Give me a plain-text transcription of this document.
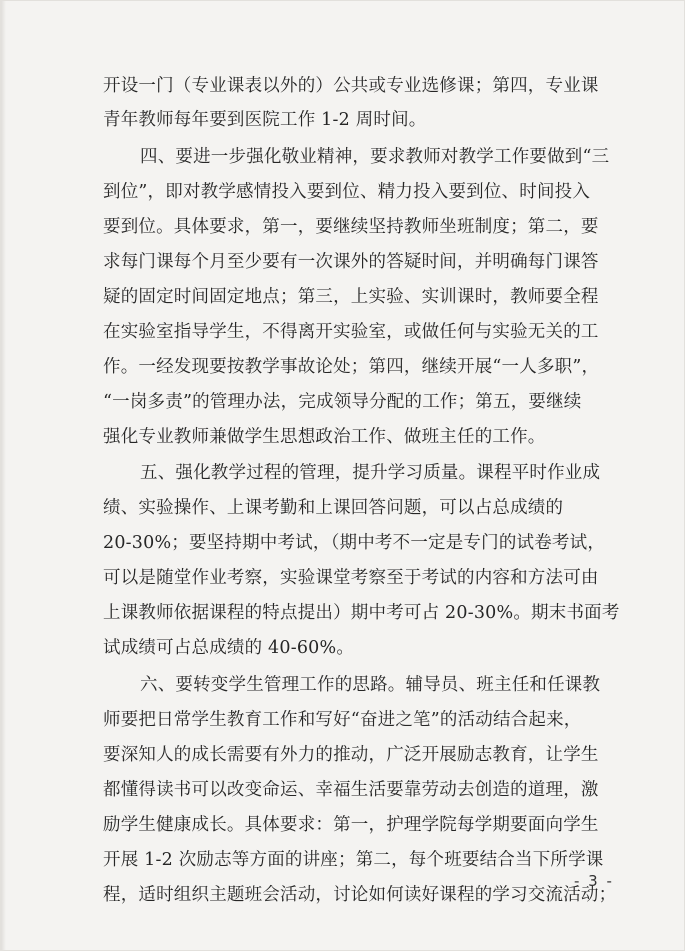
开设一门（专业课表以外的）公共或专业选修课；第四，专业课
青年教师每年要到医院工作 1-2 周时间。
四、要进一步强化敬业精神，要求教师对教学工作要做到“三
到位”，即对教学感情投入要到位、精力投入要到位、时间投入
要到位。具体要求，第一，要继续坚持教师坐班制度；第二，要
求每门课每个月至少要有一次课外的答疑时间，并明确每门课答
疑的固定时间固定地点；第三，上实验、实训课时，教师要全程
在实验室指导学生，不得离开实验室，或做任何与实验无关的工
作。一经发现要按教学事故论处；第四，继续开展“一人多职”，
“一岗多责”的管理办法，完成领导分配的工作；第五，要继续
强化专业教师兼做学生思想政治工作、做班主任的工作。
五、强化教学过程的管理，提升学习质量。课程平时作业成
绩、实验操作、上课考勤和上课回答问题，可以占总成绩的
20-30%；要坚持期中考试，（期中考不一定是专门的试卷考试，
可以是随堂作业考察，实验课堂考察至于考试的内容和方法可由
上课教师依据课程的特点提出）期中考可占 20-30%。期末书面考
试成绩可占总成绩的 40-60%。
六、要转变学生管理工作的思路。辅导员、班主任和任课教
师要把日常学生教育工作和写好“奋进之笔”的活动结合起来，
要深知人的成长需要有外力的推动，广泛开展励志教育，让学生
都懂得读书可以改变命运、幸福生活要靠劳动去创造的道理，激
励学生健康成长。具体要求：第一，护理学院每学期要面向学生
开展 1-2 次励志等方面的讲座；第二，每个班要结合当下所学课
程，适时组织主题班会活动，讨论如何读好课程的学习交流活动；
- 3 -
